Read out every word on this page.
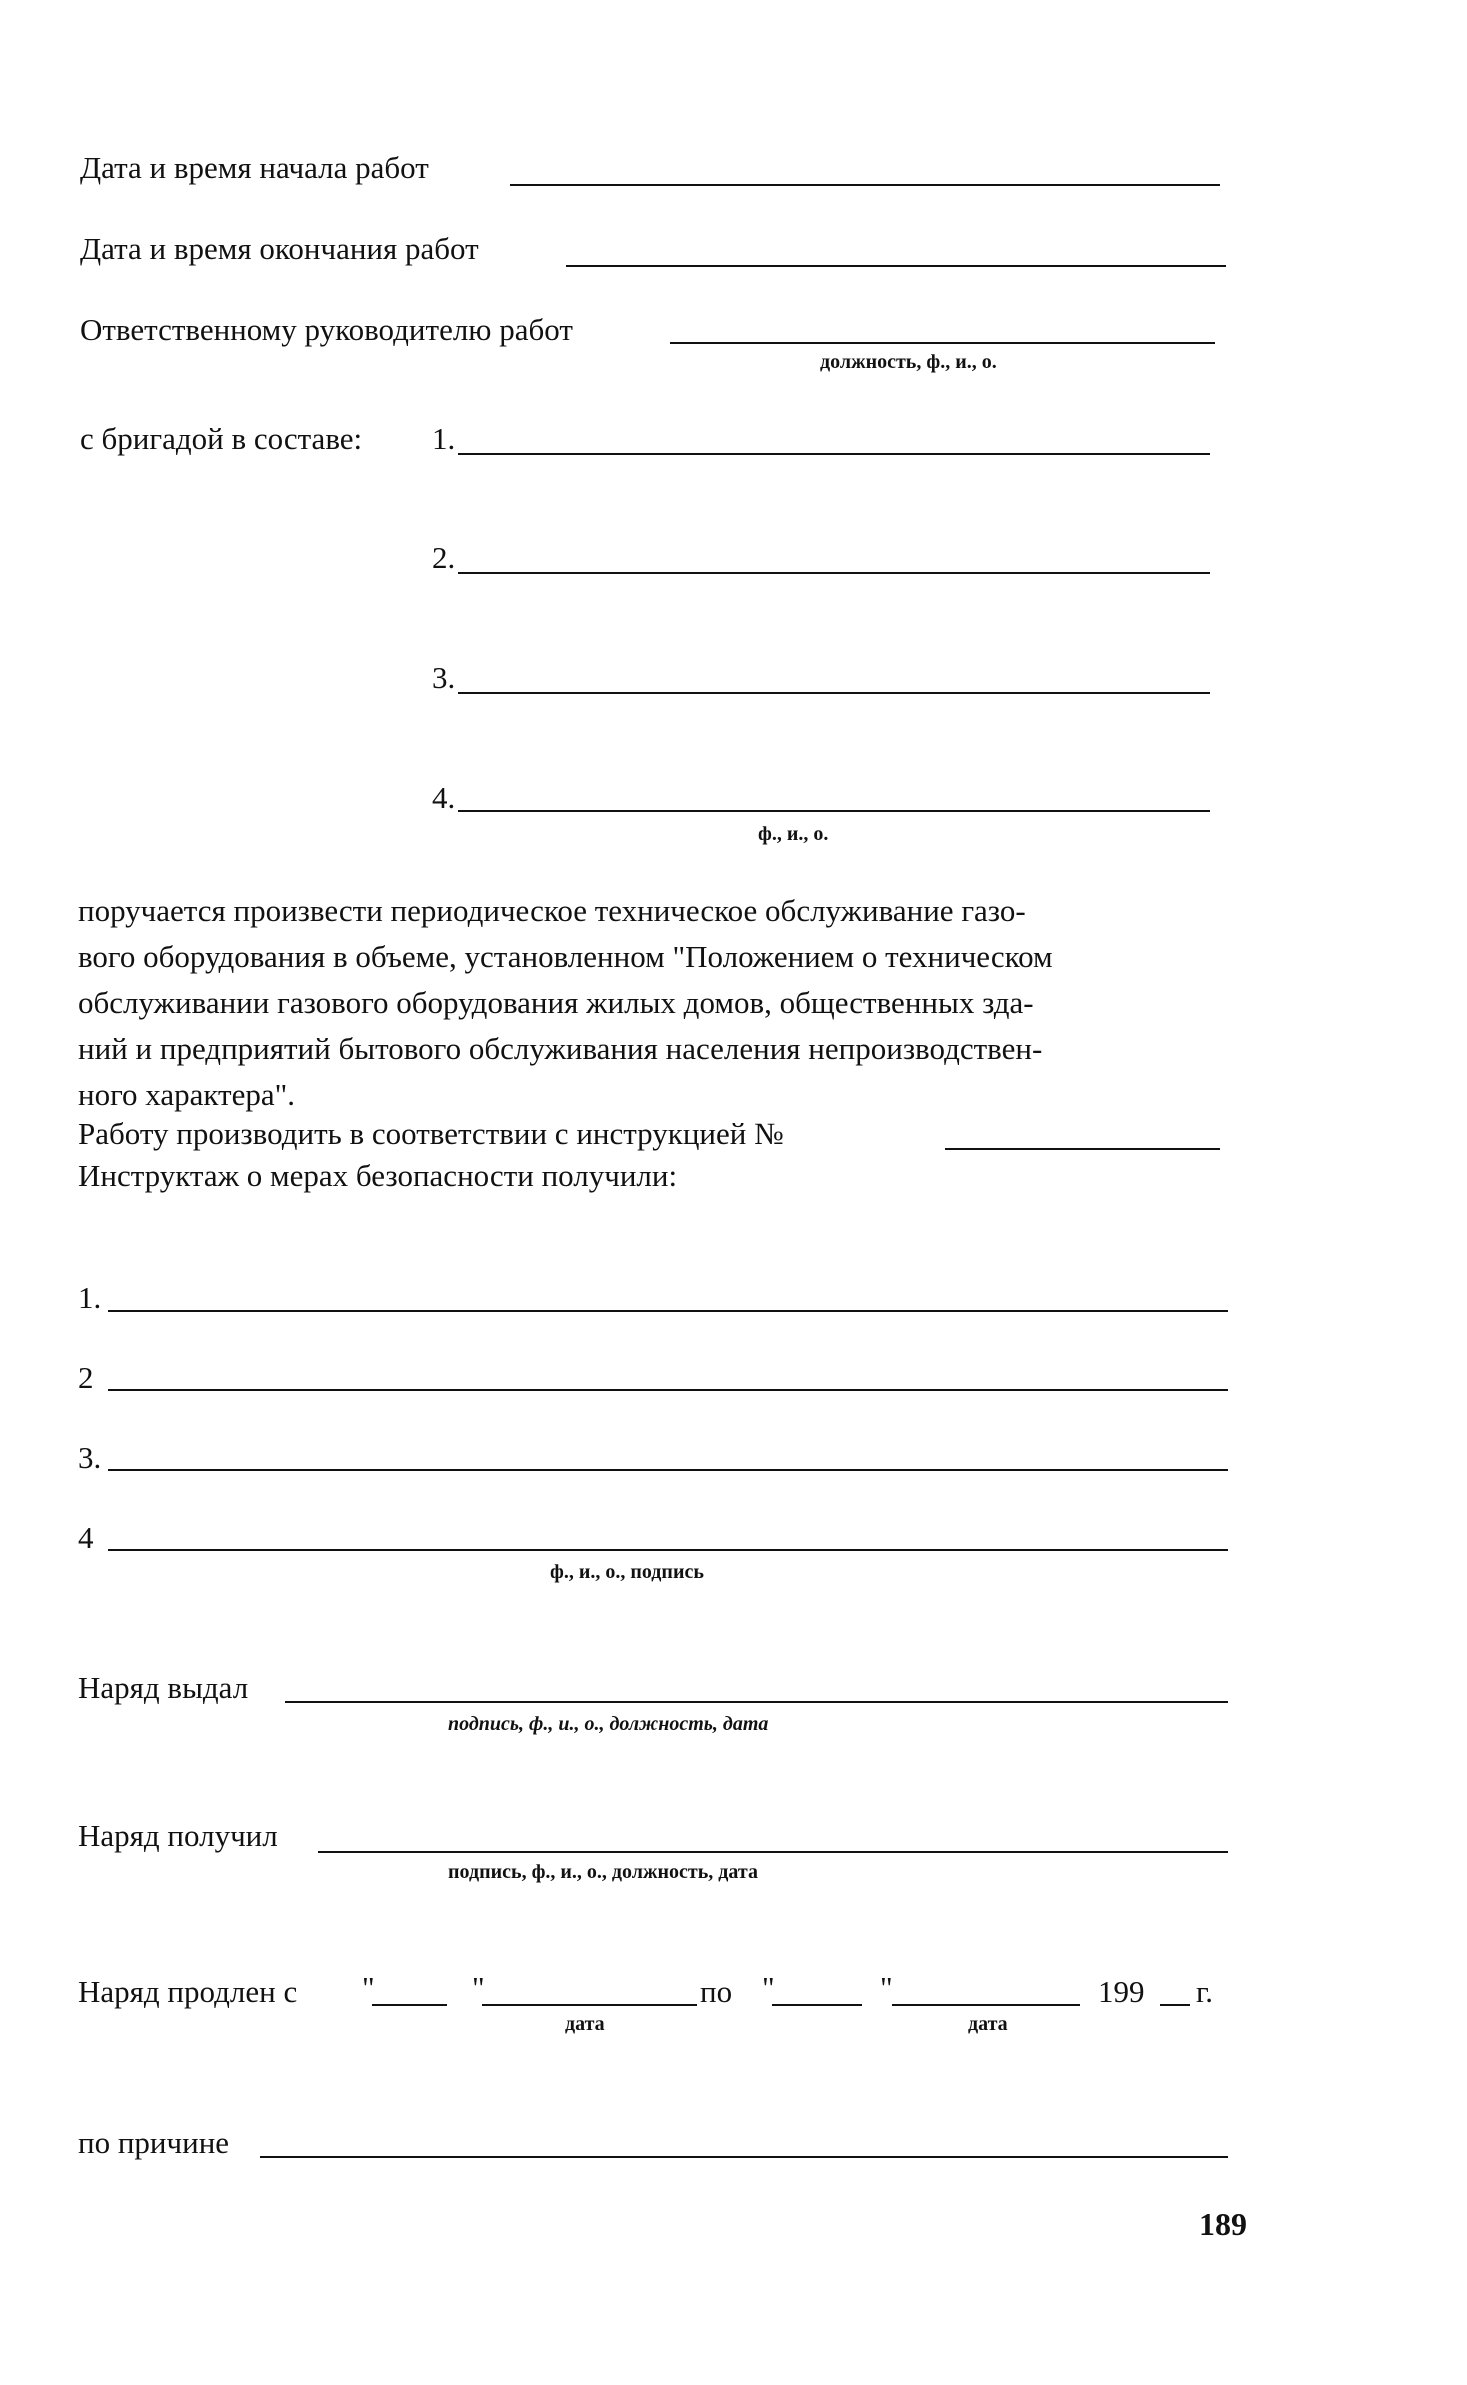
Дата и время начала работ
Дата и время окончания работ
Ответственному руководителю работ
должность, ф., и., о.
с бригадой в составе: 1.
2.
3.
4.
ф., и., о.
поручается произвести периодическое техническое обслуживание газо-
вого оборудования в объеме, установленном "Положением о техническом
обслуживании газового оборудования жилых домов, общественных зда-
ний и предприятий бытового обслуживания населения непроизводствен-
ного характера".
Работу производить в соответствии с инструкцией №
Инструктаж о мерах безопасности получили:
1.
2
3.
4
ф., и., о., подпись
Наряд выдал
подпись, ф., и., о., должность, дата
Наряд получил
подпись, ф., и., о., должность, дата
Наряд продлен с "	"
дата
по "	"
дата
199 г.
по причине
189
